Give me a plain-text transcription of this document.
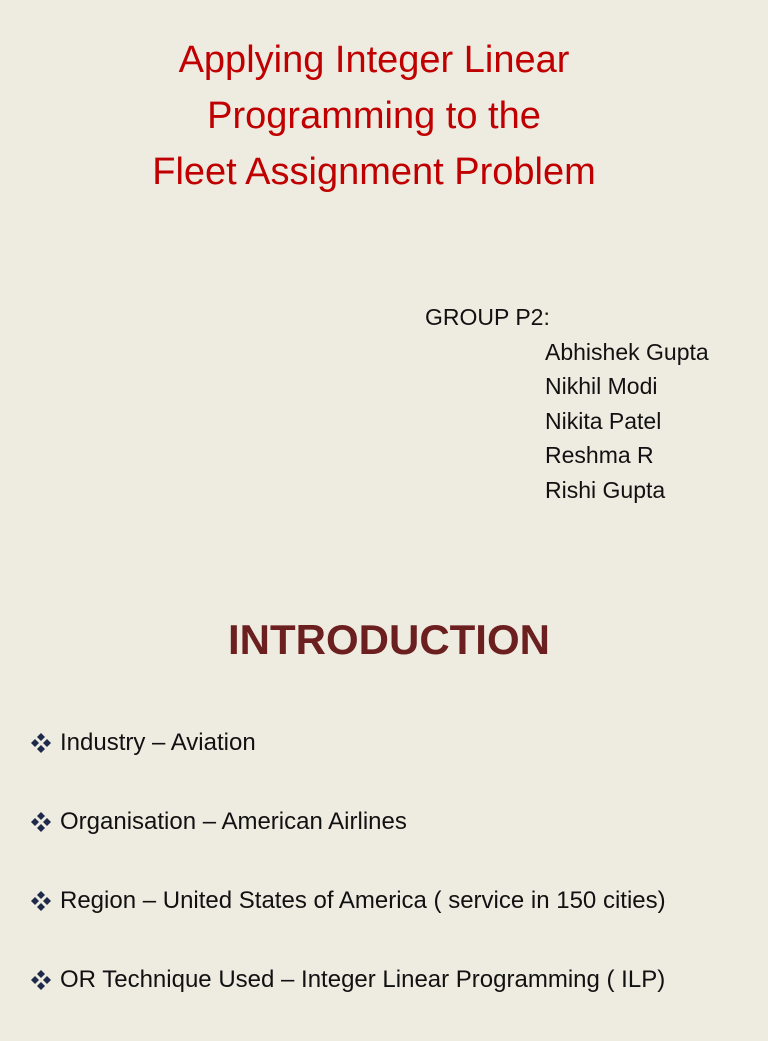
Applying Integer Linear
Programming to the
Fleet Assignment Problem
GROUP P2:
Abhishek Gupta
Nikhil Modi
Nikita Patel
Reshma R
Rishi Gupta
INTRODUCTION
Industry – Aviation
Organisation – American Airlines
Region – United States of America ( service in 150 cities)
OR Technique Used – Integer Linear Programming ( ILP)
